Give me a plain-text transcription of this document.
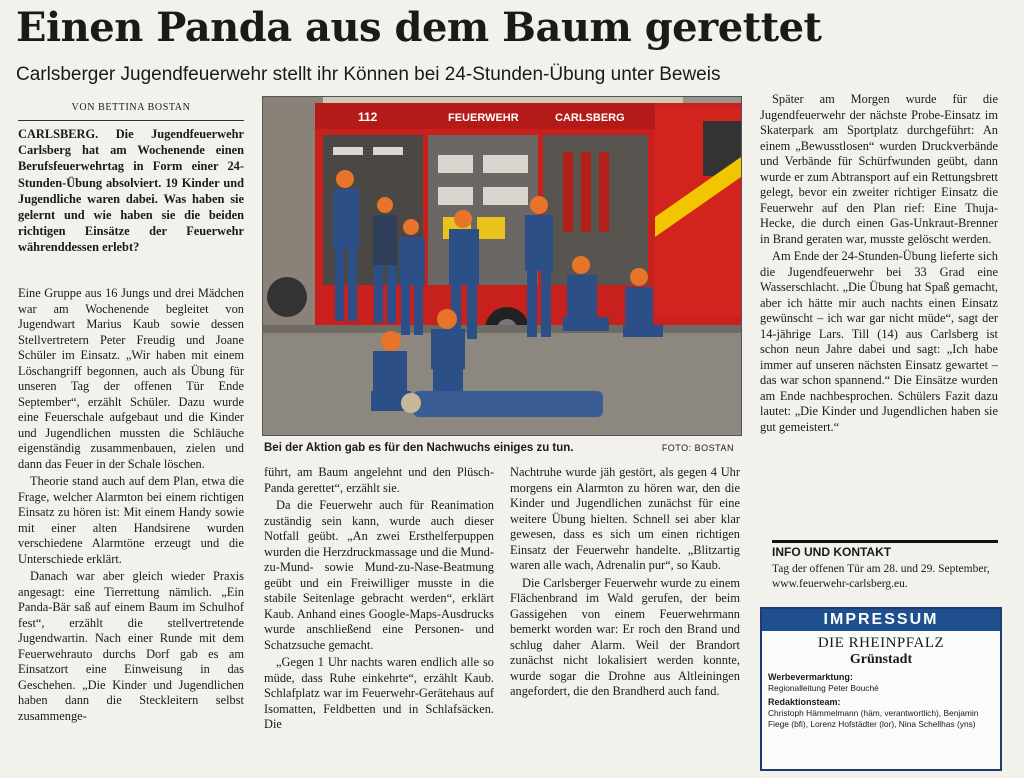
Einen Panda aus dem Baum gerettet
Carlsberger Jugendfeuerwehr stellt ihr Können bei 24-Stunden-Übung unter Beweis
VON BETTINA BOSTAN
CARLSBERG. Die Jugendfeuerwehr Carlsberg hat am Wochenende einen Berufsfeuerwehrtag in Form einer 24-Stunden-Übung absolviert. 19 Kinder und Jugendliche waren dabei. Was haben sie gelernt und wie haben sie die beiden richtigen Einsätze der Feuerwehr währenddessen erlebt?

Eine Gruppe aus 16 Jungs und drei Mädchen war am Wochenende begleitet von Jugendwart Marius Kaub sowie dessen Stellvertretern Peter Freudig und Joane Schüler im Einsatz. „Wir haben mit einem Löschangriff begonnen, auch als Übung für unseren Tag der offenen Tür Ende September“, erzählt Schüler. Dazu wurde eine Feuerschale aufgebaut und die Kinder und Jugendlichen mussten die Schläuche eigenständig zusammenbauen, zielen und dann das Feuer in der Schale löschen.

Theorie stand auch auf dem Plan, etwa die Frage, welcher Alarmton bei einem richtigen Einsatz zu hören ist: Mit einem Handy sowie mit einer alten Handsirene wurden verschiedene Alarmtöne erzeugt und die Unterschiede erklärt.

Danach war aber gleich wieder Praxis angesagt: eine Tierrettung nämlich. „Ein Panda-Bär saß auf einem Baum im Schulhof fest“, erzählt die stellvertretende Jugendwartin. Nach einer Runde mit dem Feuerwehrauto durchs Dorf gab es am Einsatzort eine Einweisung in das Geschehen. „Die Kinder und Jugendlichen haben dann die Steckleitern selbst zusammenge-

112	FEUERWEHR	CARLSBERG
Bei der Aktion gab es für den Nachwuchs einiges zu tun.	FOTO: BOSTAN

führt, am Baum angelehnt und den Plüsch-Panda gerettet“, erzählt sie.

Da die Feuerwehr auch für Reanimation zuständig sein kann, wurde auch dieser Notfall geübt. „An zwei Ersthelferpuppen wurden die Herzdruckmassage und die Mund-zu-Mund- sowie Mund-zu-Nase-Beatmung geübt und ein Freiwilliger musste in die stabile Seitenlage gebracht werden“, erklärt Kaub. Anhand eines Google-Maps-Ausdrucks wurde anschließend eine Personen- und Schatzsuche gemacht.

„Gegen 1 Uhr nachts waren endlich alle so müde, dass Ruhe einkehrte“, erzählt Kaub. Schlafplatz war im Feuerwehr-Gerätehaus auf Isomatten, Feldbetten und in Schlafsäcken. Die

Nachtruhe wurde jäh gestört, als gegen 4 Uhr morgens ein Alarmton zu hören war, den die Kinder und Jugendlichen zunächst für eine weitere Übung hielten. Schnell sei aber klar gewesen, dass es sich um einen richtigen Einsatz der Feuerwehr handelte. „Blitzartig waren alle wach, Adrenalin pur“, so Kaub.

Die Carlsberger Feuerwehr wurde zu einem Flächenbrand im Wald gerufen, der beim Gassigehen von einem Feuerwehrmann bemerkt worden war: Er roch den Brand und schlug daher Alarm. Weil der Brandort zunächst nicht lokalisiert werden konnte, wurde sogar die Drohne aus Altleiningen angefordert, die den Brandherd auch fand.

Später am Morgen wurde für die Jugendfeuerwehr der nächste Probe-Einsatz im Skaterpark am Sportplatz durchgeführt: An einem „Bewusstlosen“ wurden Druckverbände und Verbände für Schürfwunden geübt, dann wurde er zum Abtransport auf ein Rettungsbrett gelegt, bevor ein zweiter richtiger Einsatz die Feuerwehr auf den Plan rief: Eine Thuja-Hecke, die durch einen Gas-Unkraut-Brenner in Brand geraten war, musste gelöscht werden.

Am Ende der 24-Stunden-Übung lieferte sich die Jugendfeuerwehr bei 33 Grad eine Wasserschlacht. „Die Übung hat Spaß gemacht, aber ich hätte mir auch nachts einen Einsatz gewünscht – ich war gar nicht müde“, sagt der 14-jährige Lars. Till (14) aus Carlsberg ist schon neun Jahre dabei und sagt: „Ich habe immer auf unseren nächsten Einsatz gewartet – das war schon spannend.“ Die Einsätze wurden am Ende nachbesprochen. Schülers Fazit dazu lautet: „Die Kinder und Jugendlichen haben sie gut gemeistert.“

INFO UND KONTAKT
Tag der offenen Tür am 28. und 29. September, www.feuerwehr-carlsberg.eu.
IMPRESSUM
DIE RHEINPFALZ
Grünstadt
Werbevermarktung:
Regionalleitung Peter Bouché
Redaktionsteam:
Christoph Hämmelmann (häm, verantwortlich), Benjamin Fiege (bfi), Lorenz Hofstädter (lor), Nina Schellhas (yns)
